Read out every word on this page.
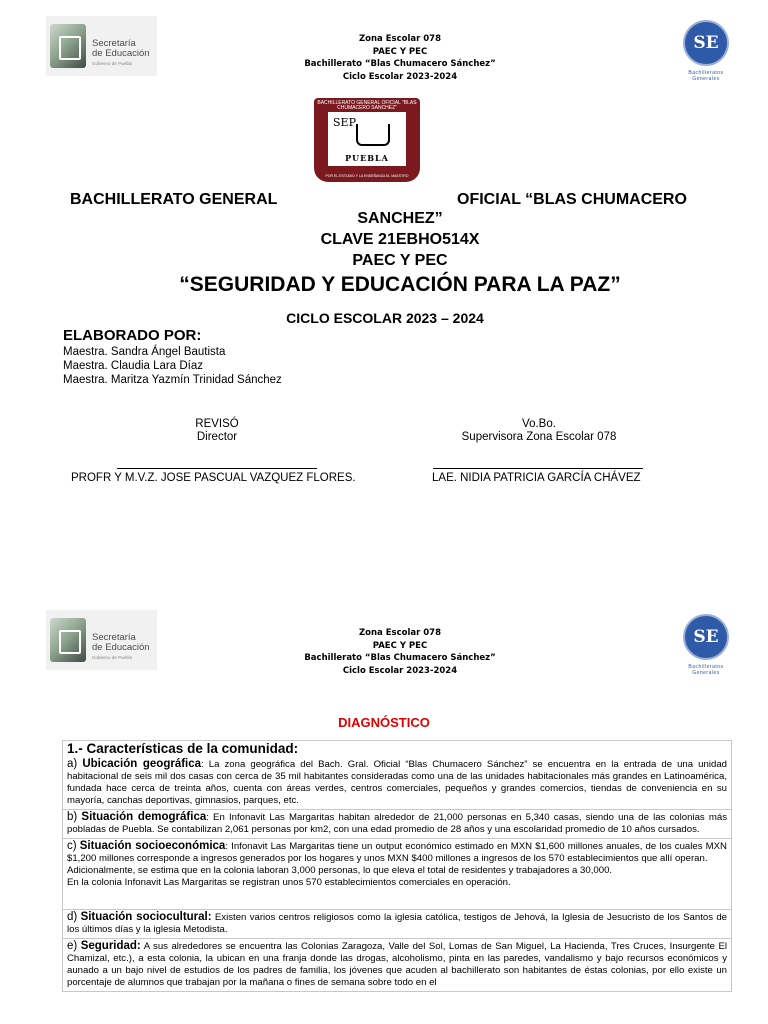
Secretaría
de Educación
Gobierno de Puebla
Zona Escolar 078
PAEC Y PEC
Bachillerato “Blas Chumacero Sánchez”
Ciclo Escolar 2023-2024
SE
Bachilleratos
Generales
BACHILLERATO GENERAL OFICIAL “BLAS CHUMACERO SANCHEZ”
SEP
PUEBLA
POR EL ESTUDIO Y LA ENSEÑANZA EL MAESTRO
BACHILLERATO GENERAL	OFICIAL “BLAS CHUMACERO
SANCHEZ”
CLAVE 21EBHO514X
PAEC Y PEC
“SEGURIDAD Y EDUCACIÓN PARA LA PAZ”
CICLO ESCOLAR 2023 – 2024
ELABORADO POR:
Maestra. Sandra Ángel Bautista
Maestra. Claudia Lara Díaz
Maestra. Maritza Yazmín Trinidad Sánchez
REVISÓ
Director
Vo.Bo.
Supervisora Zona Escolar 078
PROFR Y M.V.Z. JOSE PASCUAL VAZQUEZ FLORES.	LAE. NIDIA PATRICIA GARCÍA CHÁVEZ
Secretaría
de Educación
Gobierno de Puebla
Zona Escolar 078
PAEC Y PEC
Bachillerato “Blas Chumacero Sánchez”
Ciclo Escolar 2023-2024
SE
Bachilleratos
Generales
DIAGNÓSTICO
1.- Características de la comunidad:
a) Ubicación geográfica: La zona geográfica del Bach. Gral. Oficial “Blas Chumacero Sánchez” se encuentra en la entrada de una unidad habitacional de seis mil dos casas con cerca de 35 mil habitantes consideradas como una de las unidades habitacionales más grandes en Latinoamérica, fundada hace cerca de treinta años, cuenta con áreas verdes, centros comerciales, pequeños y grandes comercios, tiendas de conveniencia en su mayoría, canchas deportivas, gimnasios, parques, etc.
b) Situación demográfica: En Infonavit Las Margaritas habitan alrededor de 21,000 personas en 5,340 casas, siendo una de las colonias más pobladas de Puebla. Se contabilizan 2,061 personas por km2, con una edad promedio de 28 años y una escolaridad promedio de 10 años cursados.
c) Situación socioeconómica: Infonavit Las Margaritas tiene un output económico estimado en MXN $1,600 millones anuales, de los cuales MXN $1,200 millones corresponde a ingresos generados por los hogares y unos MXN $400 millones a ingresos de los 570 establecimientos que allí operan.
Adicionalmente, se estima que en la colonia laboran 3,000 personas, lo que eleva el total de residentes y trabajadores a 30,000.
En la colonia Infonavit Las Margaritas se registran unos 570 establecimientos comerciales en operación.
d) Situación sociocultural: Existen varios centros religiosos como la iglesia católica, testigos de Jehová, la Iglesia de Jesucristo de los Santos de los últimos días y la iglesia Metodista.
e) Seguridad: A sus alrededores se encuentra las Colonias Zaragoza, Valle del Sol, Lomas de San Miguel, La Hacienda, Tres Cruces, Insurgente El Chamizal, etc.), a esta colonia, la ubican en una franja donde las drogas, alcoholismo, pinta en las paredes, vandalismo y bajo recursos económicos y aunado a un bajo nivel de estudios de los padres de familia, los jóvenes que acuden al bachillerato son habitantes de éstas colonias, por ello existe un porcentaje de alumnos que trabajan por la mañana o fines de semana sobre todo en el
